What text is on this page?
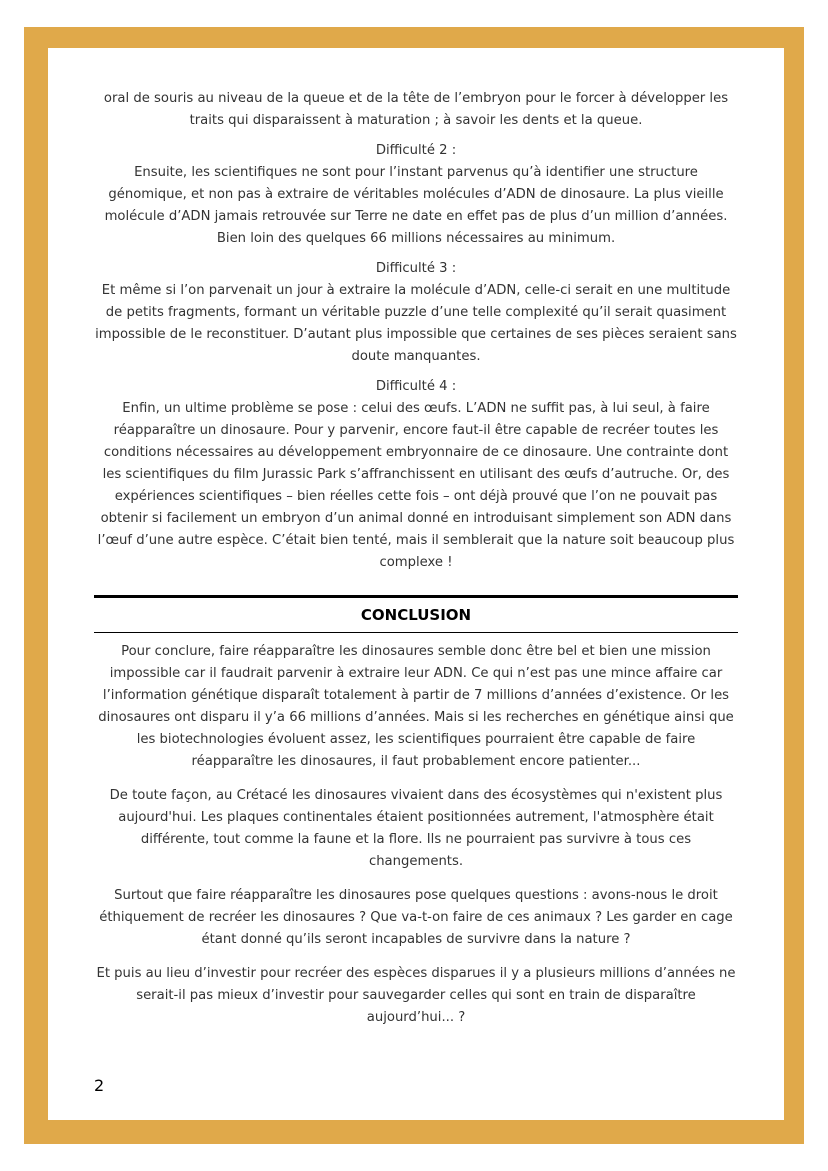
oral de souris au niveau de la queue et de la tête de l’embryon pour le forcer à développer les traits qui disparaissent à maturation ; à savoir les dents et la queue.

Difficulté 2 :

Ensuite, les scientifiques ne sont pour l’instant parvenus qu’à identifier une structure génomique, et non pas à extraire de véritables molécules d’ADN de dinosaure. La plus vieille molécule d’ADN jamais retrouvée sur Terre ne date en effet pas de plus d’un million d’années. Bien loin des quelques 66 millions nécessaires au minimum.

Difficulté 3 :

Et même si l’on parvenait un jour à extraire la molécule d’ADN, celle-ci serait en une multitude de petits fragments, formant un véritable puzzle d’une telle complexité qu’il serait quasiment impossible de le reconstituer. D’autant plus impossible que certaines de ses pièces seraient sans doute manquantes.

Difficulté 4 :

Enfin, un ultime problème se pose : celui des œufs. L’ADN ne suffit pas, à lui seul, à faire réapparaître un dinosaure. Pour y parvenir, encore faut-il être capable de recréer toutes les conditions nécessaires au développement embryonnaire de ce dinosaure. Une contrainte dont les scientifiques du film Jurassic Park s’affranchissent en utilisant des œufs d’autruche. Or, des expériences scientifiques – bien réelles cette fois – ont déjà prouvé que l’on ne pouvait pas obtenir si facilement un embryon d’un animal donné en introduisant simplement son ADN dans l’œuf d’une autre espèce. C’était bien tenté, mais il semblerait que la nature soit beaucoup plus complexe !

CONCLUSION

Pour conclure, faire réapparaître les dinosaures semble donc être bel et bien une mission impossible car il faudrait parvenir à extraire leur ADN. Ce qui n’est pas une mince affaire car l’information génétique disparaît totalement à partir de 7 millions d’années d’existence. Or les dinosaures ont disparu il y’a 66 millions d’années. Mais si les recherches en génétique ainsi que les biotechnologies évoluent assez, les scientifiques pourraient être capable de faire réapparaître les dinosaures, il faut probablement encore patienter...

De toute façon, au Crétacé les dinosaures vivaient dans des écosystèmes qui n'existent plus aujourd'hui. Les plaques continentales étaient positionnées autrement, l'atmosphère était différente, tout comme la faune et la flore. Ils ne pourraient pas survivre à tous ces changements.

Surtout que faire réapparaître les dinosaures pose quelques questions : avons-nous le droit éthiquement de recréer les dinosaures ? Que va-t-on faire de ces animaux ? Les garder en cage étant donné qu’ils seront incapables de survivre dans la nature ?

Et puis au lieu d’investir pour recréer des espèces disparues il y a plusieurs millions d’années ne serait-il pas mieux d’investir pour sauvegarder celles qui sont en train de disparaître aujourd’hui... ?

2
